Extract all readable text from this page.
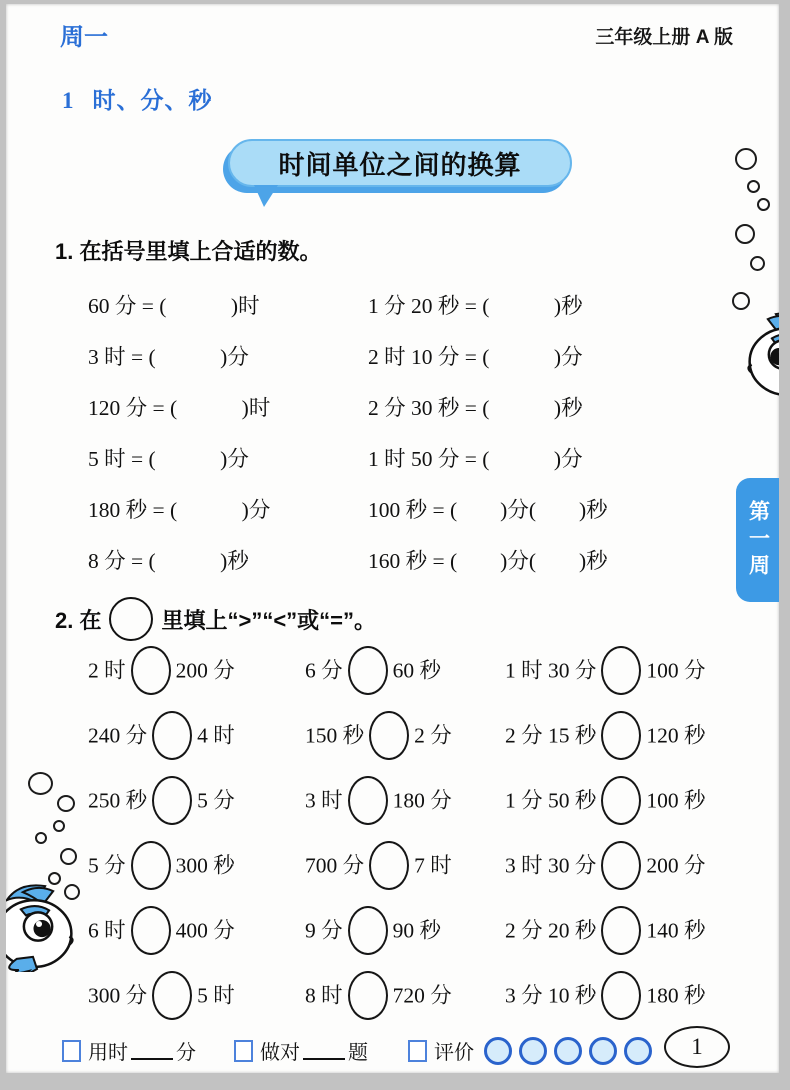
周一	三年级上册 A 版
1 时、分、秒
时间单位之间的换算
1. 在括号里填上合适的数。
60 分 = (　　　)时	1 分 20 秒 = (　　　)秒
3 时 = (　　　)分	2 时 10 分 = (　　　)分
120 分 = (　　　)时	2 分 30 秒 = (　　　)秒
5 时 = (　　　)分	1 时 50 分 = (　　　)分
180 秒 = (　　　)分	100 秒 = (　　)分(　　)秒
8 分 = (　　　)秒	160 秒 = (　　)分(　　)秒
2. 在	里填上“>”“<”或“=”。
2 时 200 分	6 分 60 秒	1 时 30 分 100 分
240 分 4 时	150 秒 2 分	2 分 15 秒 120 秒
250 秒 5 分	3 时 180 分	1 分 50 秒 100 秒
5 分 300 秒	700 分 7 时	3 时 30 分 200 分
6 时 400 分	9 分 90 秒	2 分 20 秒 140 秒
300 分 5 时	8 时 720 分	3 分 10 秒 180 秒
用时 分	做对 题	评价	1
第一周
